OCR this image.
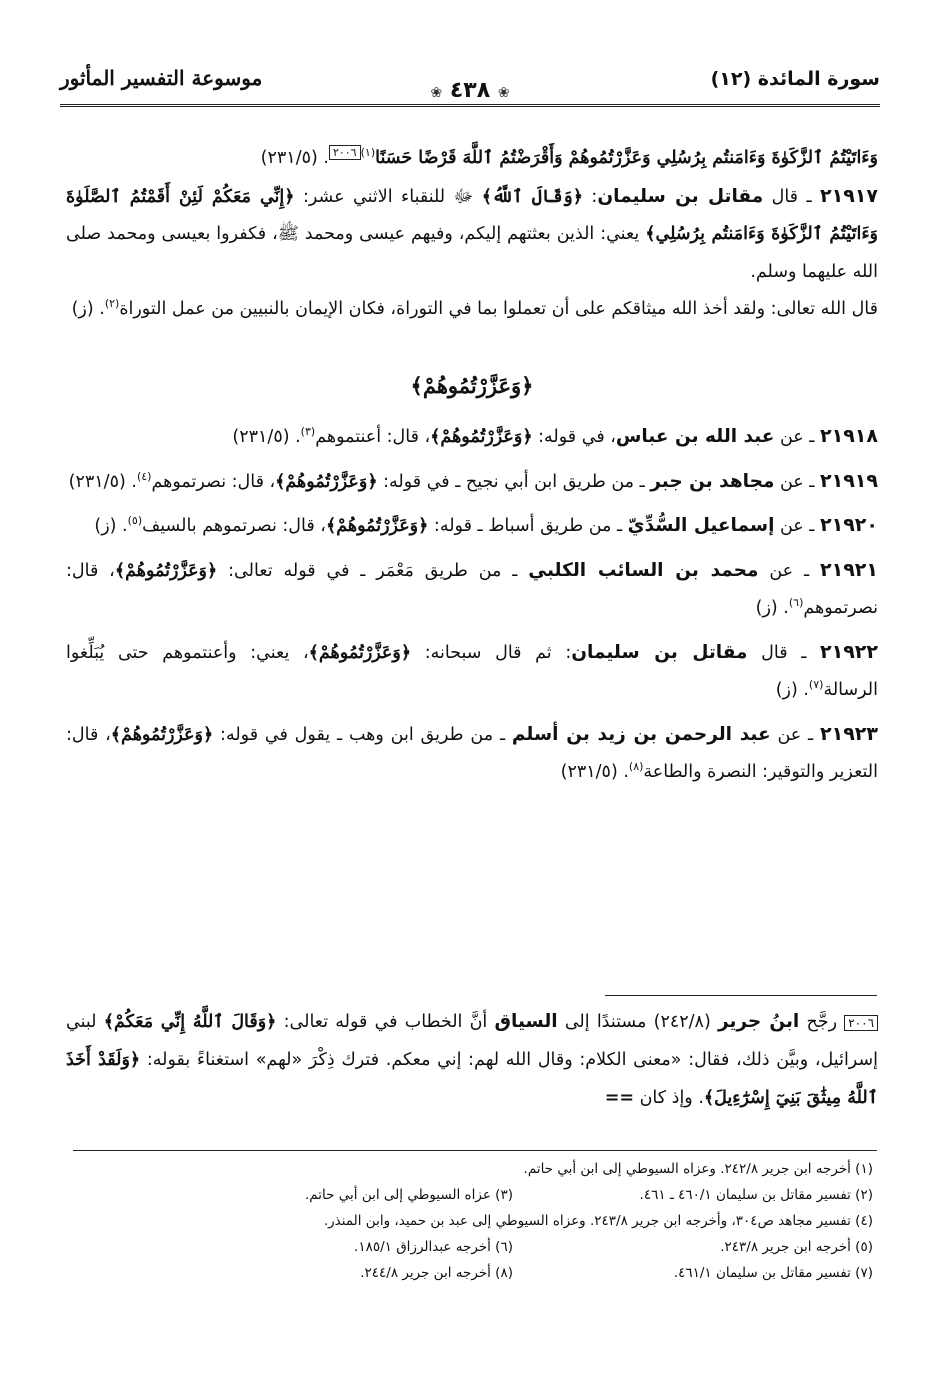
سورة المائدة (١٢)
❀ ٤٣٨ ❀
موسوعة التفسير المأثور

وَءَاتَيْتُمُ ٱلزَّكَوٰةَ وَءَامَنتُم بِرُسُلِي وَعَزَّرْتُمُوهُمْ وَأَقْرَضْتُمُ ٱللَّهَ قَرْضًا حَسَنًا$^{(١)}$٢٠٠٦. (٢٣١/٥)

٢١٩١٧ ـ قال مقاتل بن سليمان: ﴿وَقَالَ ٱللَّهُ﴾ ﷻ للنقباء الاثني عشر: ﴿إِنِّي مَعَكُمْ لَئِنْ أَقَمْتُمُ ٱلصَّلَوٰةَ وَءَاتَيْتُمُ ٱلزَّكَوٰةَ وَءَامَنتُم بِرُسُلِي﴾ يعني: الذين بعثتهم إليكم، وفيهم عيسى ومحمد ﷺ، فكفروا بعيسى ومحمد صلى الله عليهما وسلم.

قال الله تعالى: ولقد أخذ الله ميثاقكم على أن تعملوا بما في التوراة، فكان الإيمان بالنبيين من عمل التوراة$^{(٢)}$. (ز)

﴿وَعَزَّرْتُمُوهُمْ﴾

٢١٩١٨ ـ عن عبد الله بن عباس، في قوله: ﴿وَعَزَّرْتُمُوهُمْ﴾، قال: أعنتموهم$^{(٣)}$. (٢٣١/٥)

٢١٩١٩ ـ عن مجاهد بن جبر ـ من طريق ابن أبي نجيح ـ في قوله: ﴿وَعَزَّرْتُمُوهُمْ﴾، قال: نصرتموهم$^{(٤)}$. (٢٣١/٥)

٢١٩٢٠ ـ عن إسماعيل السُّدِّيّ ـ من طريق أسباط ـ قوله: ﴿وَعَزَّرْتُمُوهُمْ﴾، قال: نصرتموهم بالسيف$^{(٥)}$. (ز)

٢١٩٢١ ـ عن محمد بن السائب الكلبي ـ من طريق مَعْمَر ـ في قوله تعالى: ﴿وَعَزَّرْتُمُوهُمْ﴾، قال: نصرتموهم$^{(٦)}$. (ز)

٢١٩٢٢ ـ قال مقاتل بن سليمان: ثم قال سبحانه: ﴿وَعَزَّرْتُمُوهُمْ﴾، يعني: وأعنتموهم حتى يُبَلِّغوا الرسالة$^{(٧)}$. (ز)

٢١٩٢٣ ـ عن عبد الرحمن بن زيد بن أسلم ـ من طريق ابن وهب ـ يقول في قوله: ﴿وَعَزَّرْتُمُوهُمْ﴾، قال: التعزير والتوقير: النصرة والطاعة$^{(٨)}$. (٢٣١/٥)

٢٠٠٦ رجَّح ابنُ جرير (٢٤٢/٨) مستندًا إلى السياق أنَّ الخطاب في قوله تعالى: ﴿وَقَالَ ٱللَّهُ إِنِّي مَعَكُمْ﴾ لبني إسرائيل، وبيَّن ذلك، فقال: «معنى الكلام: وقال الله لهم: إني معكم. فترك ذِكْرَ «لهم» استغناءً بقوله: ﴿وَلَقَدْ أَخَذَ ٱللَّهُ مِيثَٰقَ بَنِيٓ إِسْرَٰٓءِيلَ﴾. وإذ كان ==

(١) أخرجه ابن جرير ٢٤٢/٨. وعزاه السيوطي إلى ابن أبي حاتم.
(٢) تفسير مقاتل بن سليمان ٤٦٠/١ ـ ٤٦١.
(٣) عزاه السيوطي إلى ابن أبي حاتم.
(٤) تفسير مجاهد ص٣٠٤، وأخرجه ابن جرير ٢٤٣/٨. وعزاه السيوطي إلى عبد بن حميد، وابن المنذر.
(٥) أخرجه ابن جرير ٢٤٣/٨.
(٦) أخرجه عبدالرزاق ١٨٥/١.
(٧) تفسير مقاتل بن سليمان ٤٦١/١.
(٨) أخرجه ابن جرير ٢٤٤/٨.
